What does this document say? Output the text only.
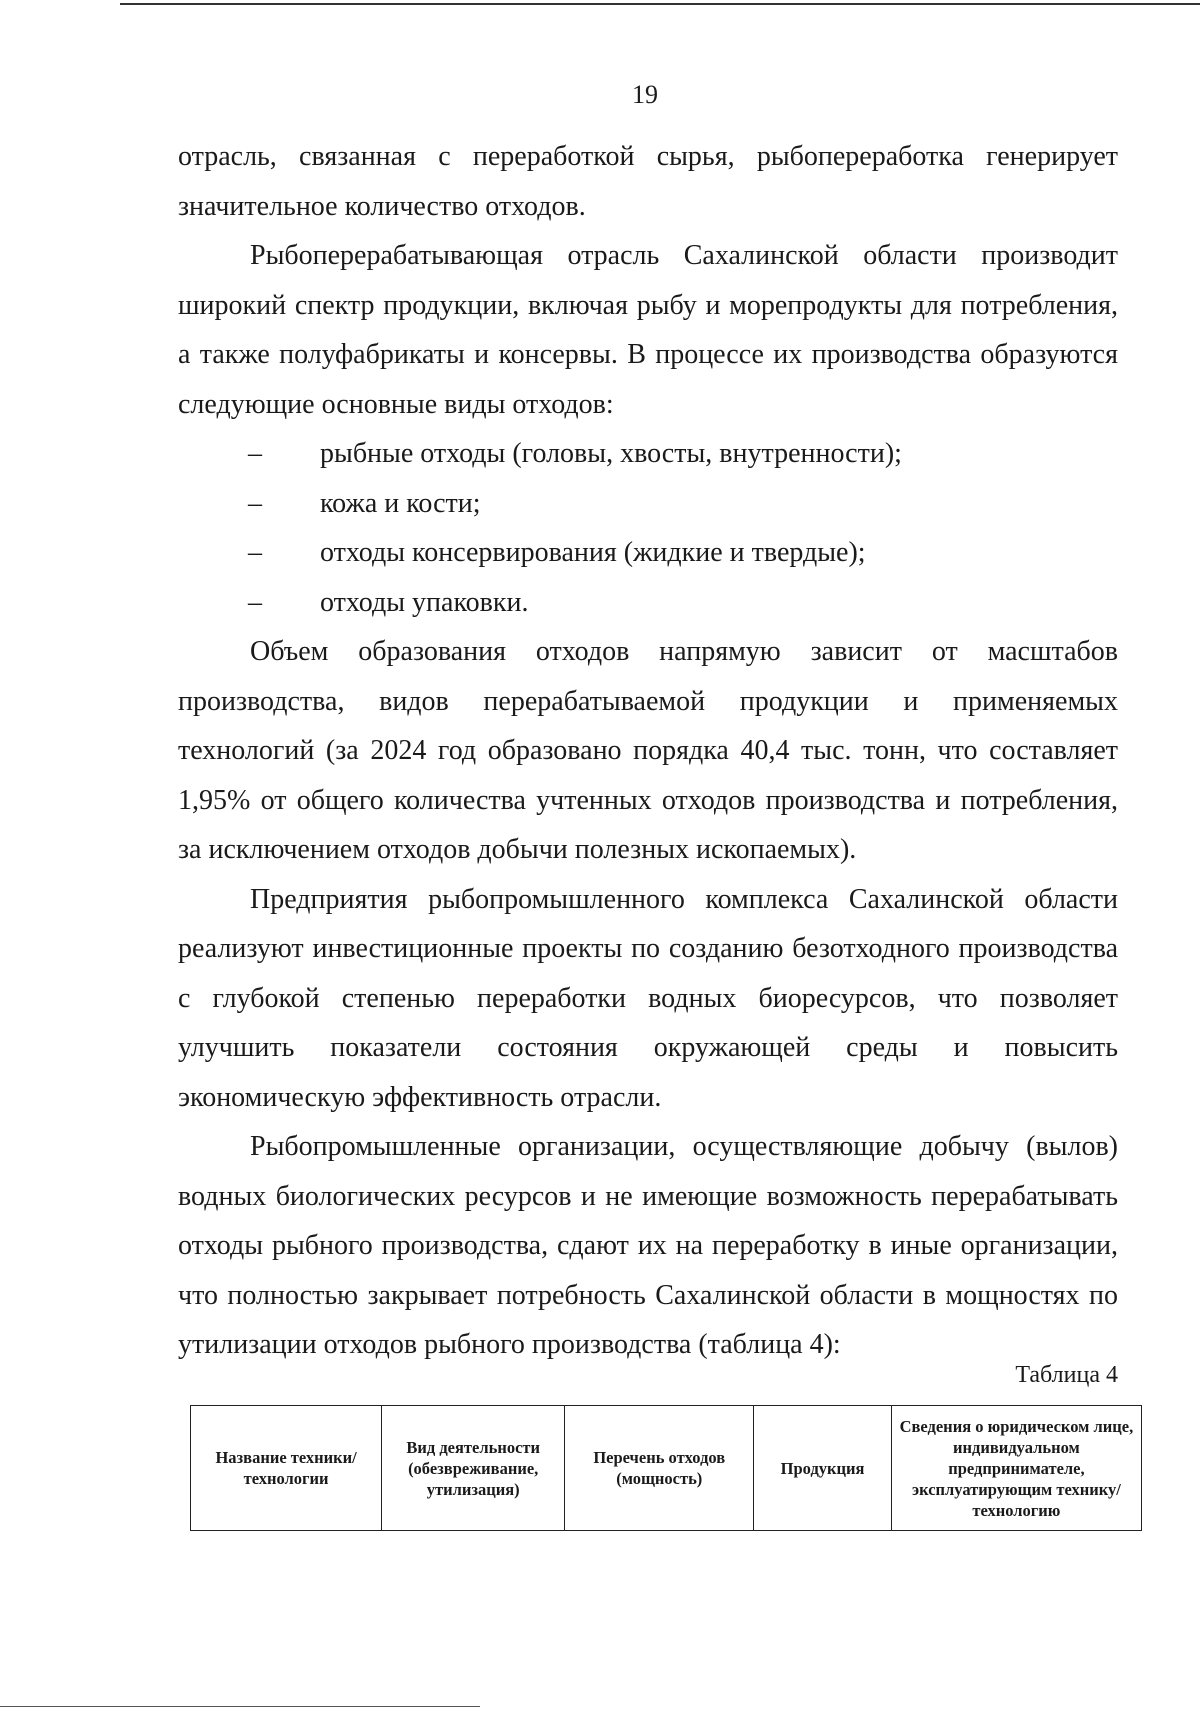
19

отрасль, связанная с переработкой сырья, рыбопереработка генерирует значительное количество отходов.

Рыбоперерабатывающая отрасль Сахалинской области производит широкий спектр продукции, включая рыбу и морепродукты для потребления, а также полуфабрикаты и консервы. В процессе их производства образуются следующие основные виды отходов:

– рыбные отходы (головы, хвосты, внутренности);
– кожа и кости;
– отходы консервирования (жидкие и твердые);
– отходы упаковки.

Объем образования отходов напрямую зависит от масштабов производства, видов перерабатываемой продукции и применяемых технологий (за 2024 год образовано порядка 40,4 тыс. тонн, что составляет 1,95% от общего количества учтенных отходов производства и потребления, за исключением отходов добычи полезных ископаемых).

Предприятия рыбопромышленного комплекса Сахалинской области реализуют инвестиционные проекты по созданию безотходного производства с глубокой степенью переработки водных биоресурсов, что позволяет улучшить показатели состояния окружающей среды и повысить экономическую эффективность отрасли.

Рыбопромышленные организации, осуществляющие добычу (вылов) водных биологических ресурсов и не имеющие возможность перерабатывать отходы рыбного производства, сдают их на переработку в иные организации, что полностью закрывает потребность Сахалинской области в мощностях по утилизации отходов рыбного производства (таблица 4):

Таблица 4
Название техники/ технологии	Вид деятельности (обезвреживание, утилизация)	Перечень отходов (мощность)	Продукция	Сведения о юридическом лице, индивидуальном предпринимателе, эксплуатирующим технику/технологию
